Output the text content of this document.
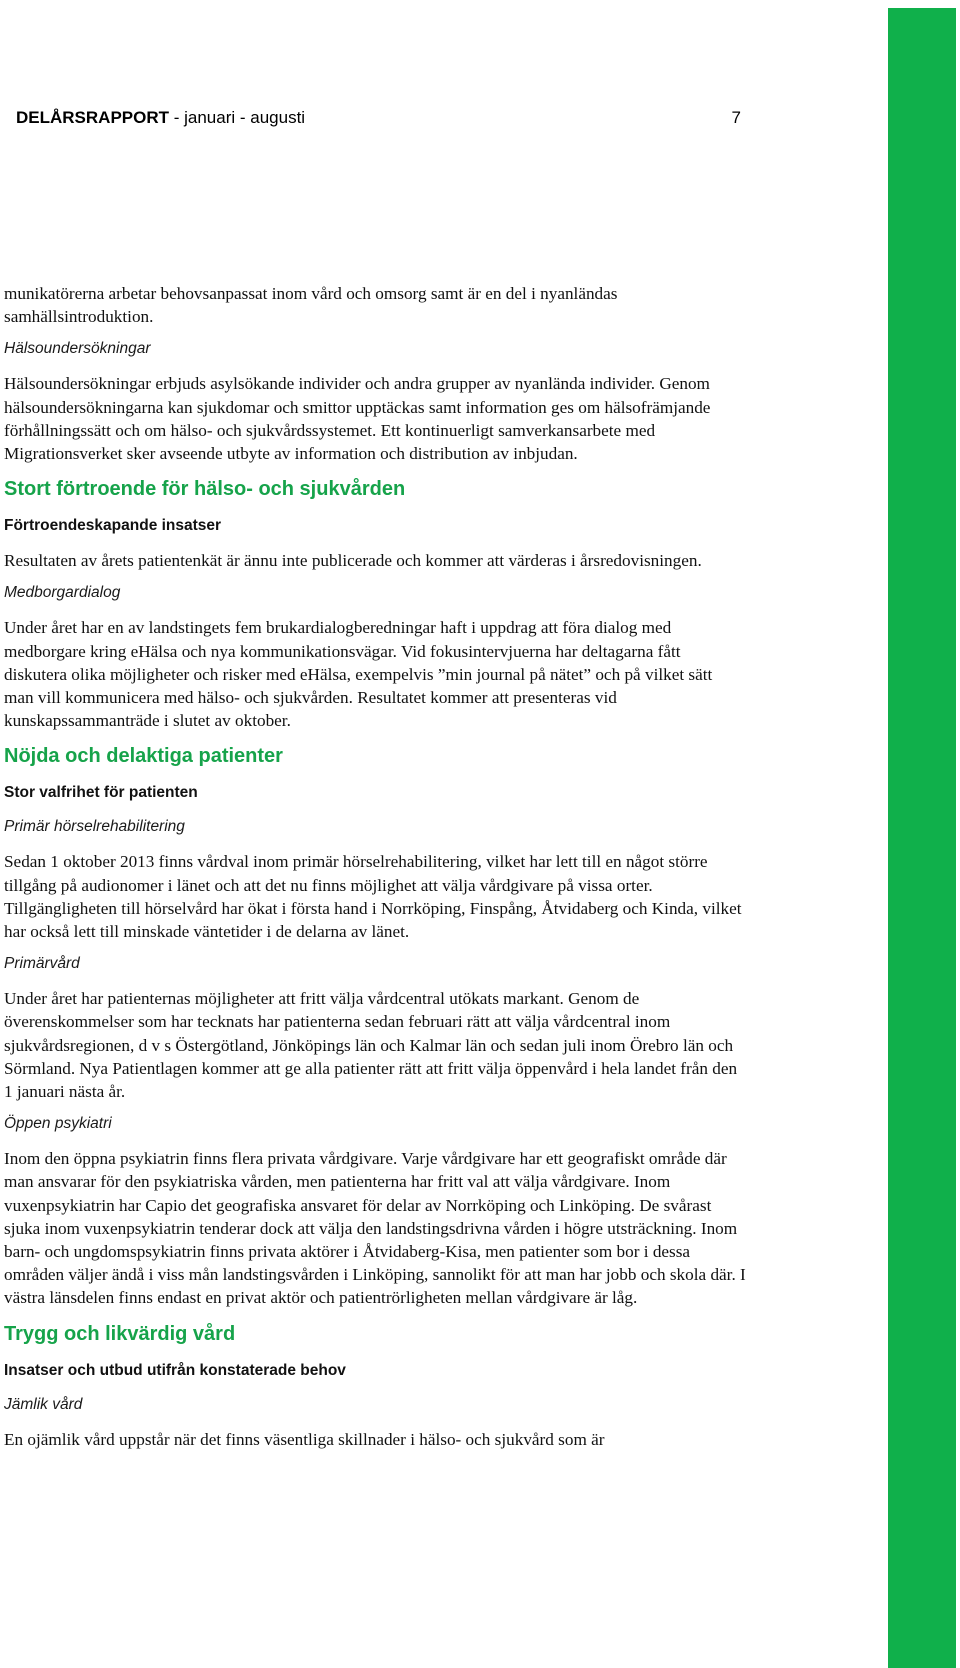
DELÅRSRAPPORT - januari - augusti	7

munikatörerna arbetar behovsanpassat inom vård och omsorg samt är en del i nyanländas samhällsintroduktion.

Hälsoundersökningar

Hälsoundersökningar erbjuds asylsökande individer och andra grupper av nyanlända individer. Genom hälsoundersökningarna kan sjukdomar och smittor upptäckas samt information ges om hälsofrämjande förhållningssätt och om hälso- och sjukvårdssystemet. Ett kontinuerligt samverkansarbete med Migrationsverket sker avseende utbyte av information och distribution av inbjudan.

Stort förtroende för hälso- och sjukvården
Förtroendeskapande insatser

Resultaten av årets patientenkät är ännu inte publicerade och kommer att värderas i årsredovisningen.

Medborgardialog

Under året har en av landstingets fem brukardialogberedningar haft i uppdrag att föra dialog med medborgare kring eHälsa och nya kommunikationsvägar. Vid fokusintervjuerna har deltagarna fått diskutera olika möjligheter och risker med eHälsa, exempelvis ”min journal på nätet” och på vilket sätt man vill kommunicera med hälso- och sjukvården. Resultatet kommer att presenteras vid kunskapssammanträde i slutet av oktober.

Nöjda och delaktiga patienter
Stor valfrihet för patienten
Primär hörselrehabilitering

Sedan 1 oktober 2013 finns vårdval inom primär hörselrehabilitering, vilket har lett till en något större tillgång på audionomer i länet och att det nu finns möjlighet att välja vårdgivare på vissa orter. Tillgängligheten till hörselvård har ökat i första hand i Norrköping, Finspång, Åtvidaberg och Kinda, vilket har också lett till minskade väntetider i de delarna av länet.

Primärvård

Under året har patienternas möjligheter att fritt välja vårdcentral utökats markant. Genom de överenskommelser som har tecknats har patienterna sedan februari rätt att välja vårdcentral inom sjukvårdsregionen, d v s Östergötland, Jönköpings län och Kalmar län och sedan juli inom Örebro län och Sörmland. Nya Patientlagen kommer att ge alla patienter rätt att fritt välja öppenvård i hela landet från den 1 januari nästa år.

Öppen psykiatri

Inom den öppna psykiatrin finns flera privata vårdgivare. Varje vårdgivare har ett geografiskt område där man ansvarar för den psykiatriska vården, men patienterna har fritt val att välja vårdgivare. Inom vuxenpsykiatrin har Capio det geografiska ansvaret för delar av Norrköping och Linköping. De svårast sjuka inom vuxenpsykiatrin tenderar dock att välja den landstingsdrivna vården i högre utsträckning. Inom barn- och ungdomspsykiatrin finns privata aktörer i Åtvidaberg-Kisa, men patienter som bor i dessa områden väljer ändå i viss mån landstingsvården i Linköping, sannolikt för att man har jobb och skola där. I västra länsdelen finns endast en privat aktör och patientrörligheten mellan vårdgivare är låg.

Trygg och likvärdig vård
Insatser och utbud utifrån konstaterade behov
Jämlik vård

En ojämlik vård uppstår när det finns väsentliga skillnader i hälso- och sjukvård som är
